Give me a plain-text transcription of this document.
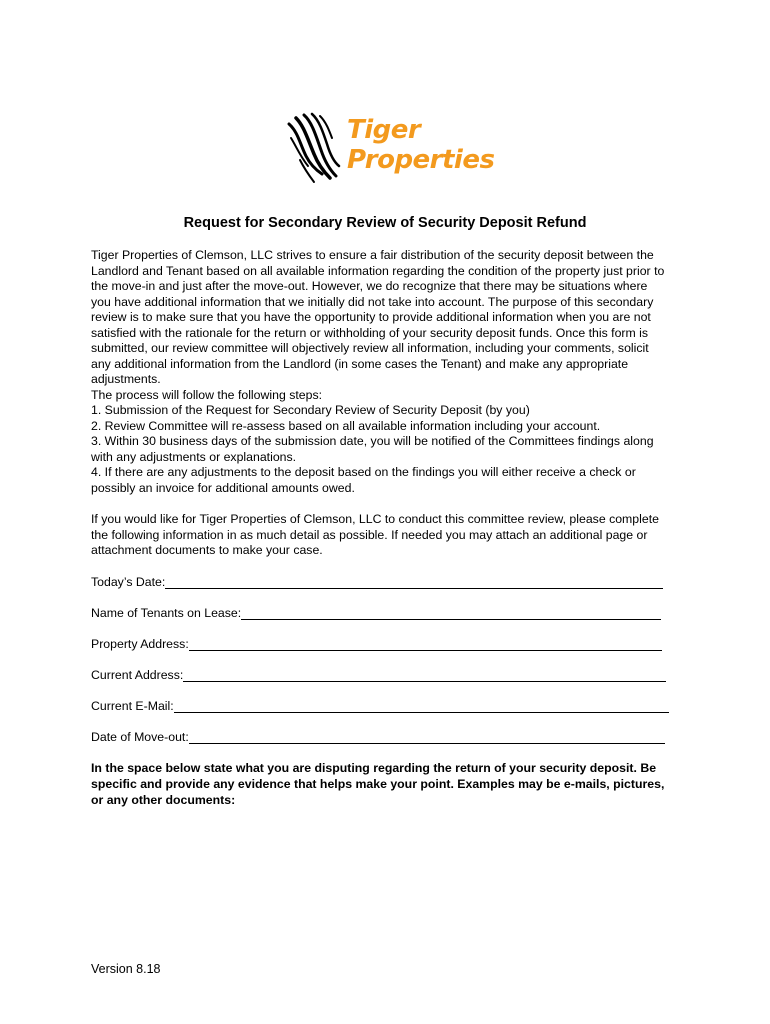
Tiger
Properties
Request for Secondary Review of Security Deposit Refund
Tiger Properties of Clemson, LLC strives to ensure a fair distribution of the security deposit between the
Landlord and Tenant based on all available information regarding the condition of the property just prior to
the move-in and just after the move-out. However, we do recognize that there may be situations where
you have additional information that we initially did not take into account. The purpose of this secondary
review is to make sure that you have the opportunity to provide additional information when you are not
satisfied with the rationale for the return or withholding of your security deposit funds. Once this form is
submitted, our review committee will objectively review all information, including your comments, solicit
any additional information from the Landlord (in some cases the Tenant) and make any appropriate
adjustments.
The process will follow the following steps:
1. Submission of the Request for Secondary Review of Security Deposit (by you)
2. Review Committee will re-assess based on all available information including your account.
3. Within 30 business days of the submission date, you will be notified of the Committees findings along
with any adjustments or explanations.
4. If there are any adjustments to the deposit based on the findings you will either receive a check or
possibly an invoice for additional amounts owed.
If you would like for Tiger Properties of Clemson, LLC to conduct this committee review, please complete
the following information in as much detail as possible. If needed you may attach an additional page or
attachment documents to make your case.
Today’s Date:
Name of Tenants on Lease:
Property Address:
Current Address:
Current E-Mail:
Date of Move-out:
In the space below state what you are disputing regarding the return of your security deposit. Be
specific and provide any evidence that helps make your point. Examples may be e-mails, pictures,
or any other documents:
Version 8.18
